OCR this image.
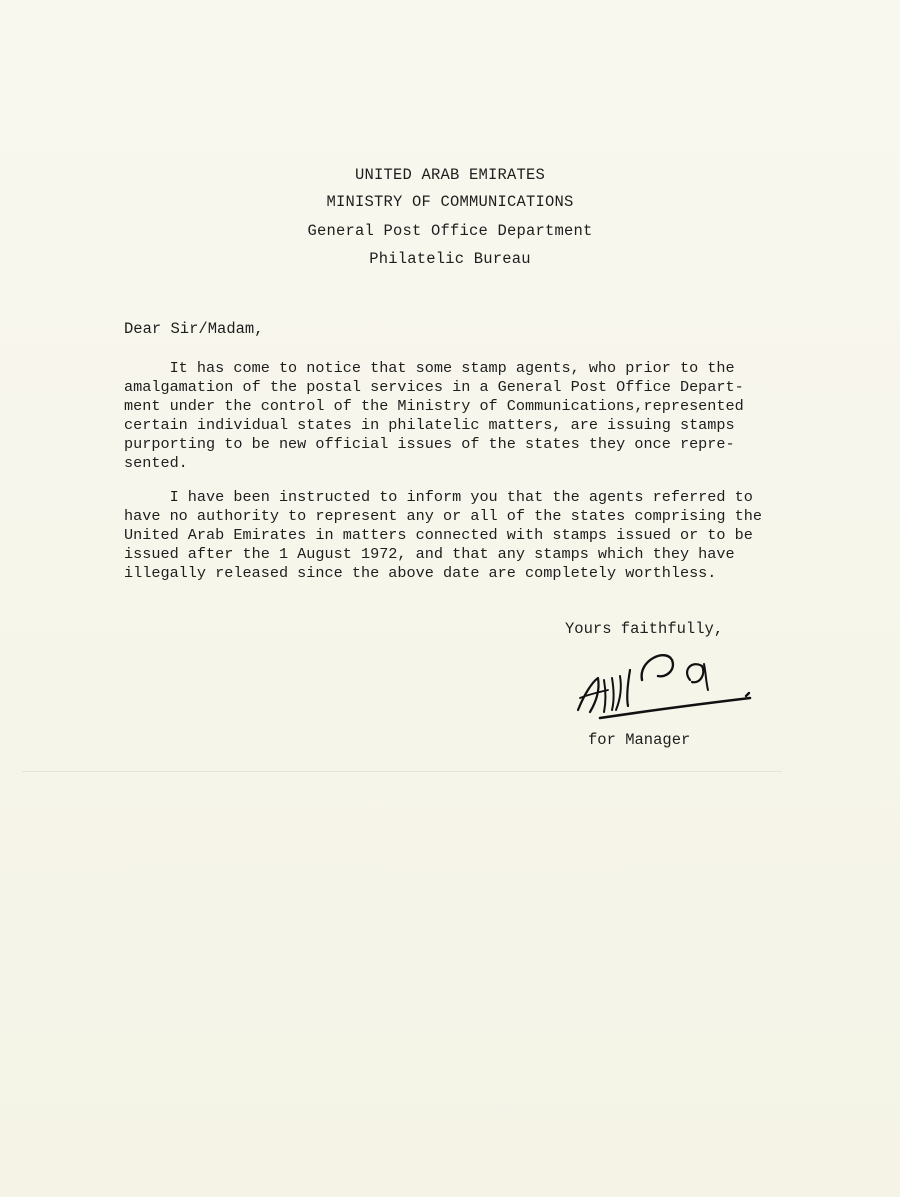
UNITED ARAB EMIRATES
MINISTRY OF COMMUNICATIONS
General Post Office Department
Philatelic Bureau
Dear Sir/Madam,

It has come to notice that some stamp agents, who prior to the
amalgamation of the postal services in a General Post Office Depart-
ment under the control of the Ministry of Communications,represented
certain individual states in philatelic matters, are issuing stamps
purporting to be new official issues of the states they once repre-
sented.

I have been instructed to inform you that the agents referred to
have no authority to represent any or all of the states comprising the
United Arab Emirates in matters connected with stamps issued or to be
issued after the 1 August 1972, and that any stamps which they have
illegally released since the above date are completely worthless.

Yours faithfully,
for Manager
